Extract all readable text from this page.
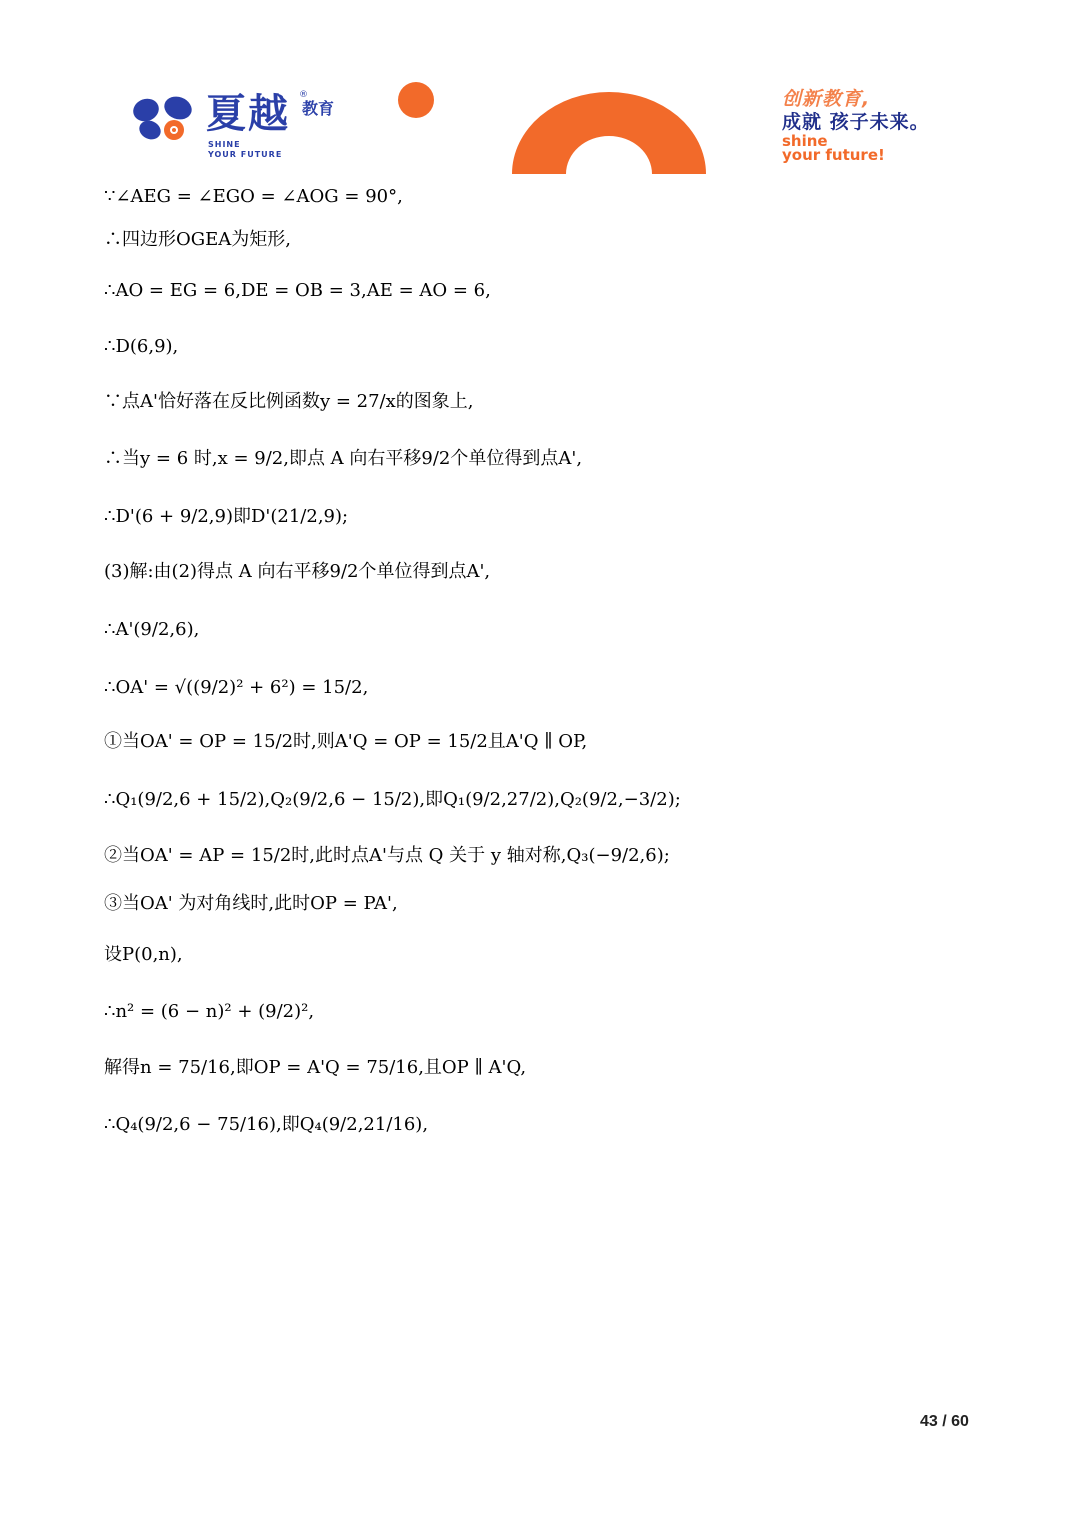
夏越 ®
教育
SHINE
YOUR FUTURE
创新教育,
成就 孩子未来。
shine
your future!
∵∠AEG = ∠EGO = ∠AOG = 90°,
∴四边形OGEA为矩形,
∴AO = EG = 6,DE = OB = 3,AE = AO = 6,
∴D(6,9),
∵点A'恰好落在反比例函数y = 27/x的图象上,
∴当y = 6 时,x = 9/2,即点 A 向右平移9/2个单位得到点A',
∴D'(6 + 9/2,9)即D'(21/2,9);
(3)解:由(2)得点 A 向右平移9/2个单位得到点A',
∴A'(9/2,6),
∴OA' = √((9/2)² + 6²) = 15/2,
①当OA' = OP = 15/2时,则A'Q = OP = 15/2且A'Q ∥ OP,
∴Q₁(9/2,6 + 15/2),Q₂(9/2,6 − 15/2),即Q₁(9/2,27/2),Q₂(9/2,−3/2);
②当OA' = AP = 15/2时,此时点A'与点 Q 关于 y 轴对称,Q₃(−9/2,6);
③当OA' 为对角线时,此时OP = PA',
设P(0,n),
∴n² = (6 − n)² + (9/2)²,
解得n = 75/16,即OP = A'Q = 75/16,且OP ∥ A'Q,
∴Q₄(9/2,6 − 75/16),即Q₄(9/2,21/16),
43 / 60
